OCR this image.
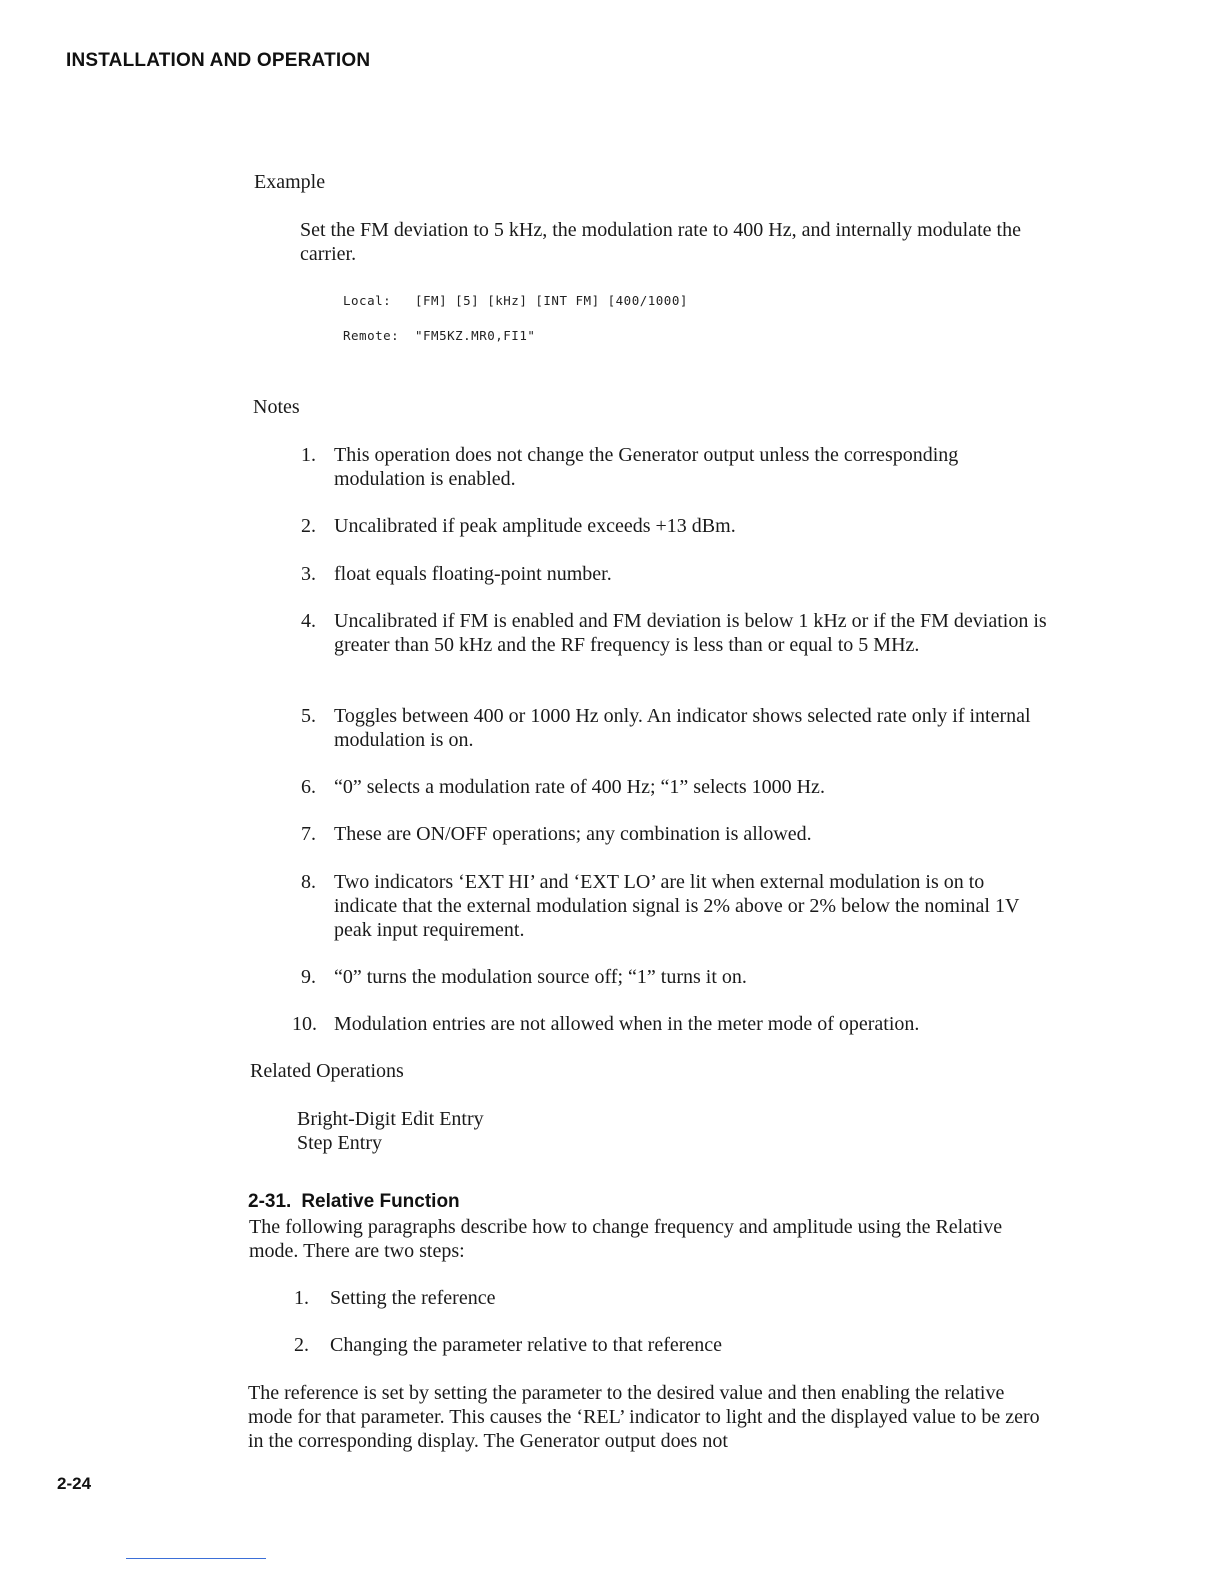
INSTALLATION AND OPERATION
Example
Set the FM deviation to 5 kHz, the modulation rate to 400 Hz, and internally modulate the carrier.
Local: [FM] [5] [kHz] [INT FM] [400/1000]
Remote: "FM5KZ.MR0,FI1"
Notes
1. This operation does not change the Generator output unless the corresponding modulation is enabled.
2. Uncalibrated if peak amplitude exceeds +13 dBm.
3. float equals floating-point number.
4. Uncalibrated if FM is enabled and FM deviation is below 1 kHz or if the FM deviation is greater than 50 kHz and the RF frequency is less than or equal to 5 MHz.
5. Toggles between 400 or 1000 Hz only. An indicator shows selected rate only if internal modulation is on.
6. “0” selects a modulation rate of 400 Hz; “1” selects 1000 Hz.
7. These are ON/OFF operations; any combination is allowed.
8. Two indicators ‘EXT HI’ and ‘EXT LO’ are lit when external modulation is on to indicate that the external modulation signal is 2% above or 2% below the nominal 1V peak input requirement.
9. “0” turns the modulation source off; “1” turns it on.
10. Modulation entries are not allowed when in the meter mode of operation.
Related Operations
Bright-Digit Edit Entry
Step Entry
2-31. Relative Function
The following paragraphs describe how to change frequency and amplitude using the Relative mode. There are two steps:
1. Setting the reference
2. Changing the parameter relative to that reference
The reference is set by setting the parameter to the desired value and then enabling the relative mode for that parameter. This causes the ‘REL’ indicator to light and the displayed value to be zero in the corresponding display. The Generator output does not
2-24
